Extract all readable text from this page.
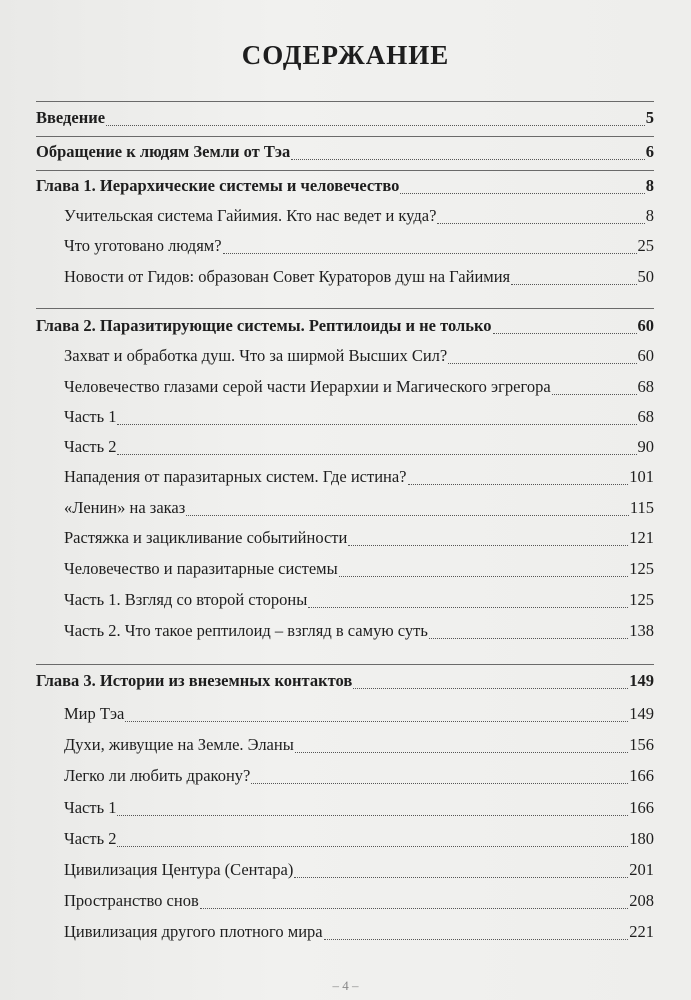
СОДЕРЖАНИЕ
Введение	5
Обращение к людям Земли от Тэа	6
Глава 1. Иерархические системы и человечество	8
Учительская система Гайимия. Кто нас ведет и куда?	8
Что уготовано людям?	25
Новости от Гидов: образован Совет Кураторов душ на Гайимия	50
Глава 2. Паразитирующие системы. Рептилоиды и не только	60
Захват и обработка душ. Что за ширмой Высших Сил?	60
Человечество глазами серой части Иерархии и Магического эгрегора	68
Часть 1	68
Часть 2	90
Нападения от паразитарных систем. Где истина?	101
«Ленин» на заказ	115
Растяжка и зацикливание событийности	121
Человечество и паразитарные системы	125
Часть 1. Взгляд со второй стороны	125
Часть 2. Что такое рептилоид – взгляд в самую суть	138
Глава 3. Истории из внеземных контактов	149
Мир Тэа	149
Духи, живущие на Земле. Эланы	156
Легко ли любить дракону?	166
Часть 1	166
Часть 2	180
Цивилизация Центура (Сентара)	201
Пространство снов	208
Цивилизация другого плотного мира	221
– 4 –
